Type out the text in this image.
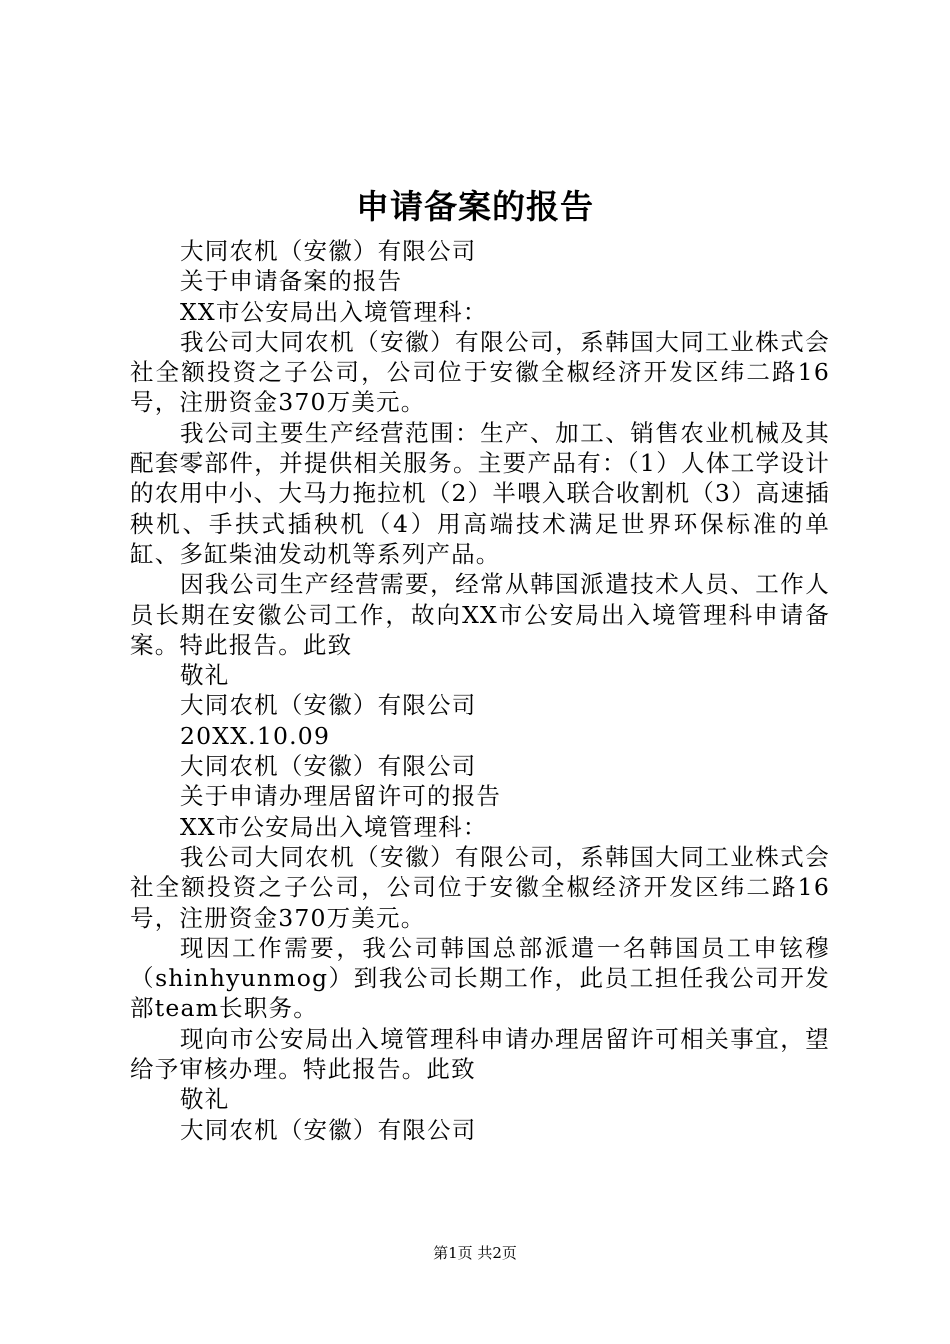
申请备案的报告

大同农机（安徽）有限公司

关于申请备案的报告

XX市公安局出入境管理科：

我公司大同农机（安徽）有限公司，系韩国大同工业株式会社全额投资之子公司，公司位于安徽全椒经济开发区纬二路16号，注册资金370万美元。

我公司主要生产经营范围：生产、加工、销售农业机械及其配套零部件，并提供相关服务。主要产品有：（1）人体工学设计的农用中小、大马力拖拉机（2）半喂入联合收割机（3）高速插秧机、手扶式插秧机（4）用高端技术满足世界环保标准的单缸、多缸柴油发动机等系列产品。

因我公司生产经营需要，经常从韩国派遣技术人员、工作人员长期在安徽公司工作，故向XX市公安局出入境管理科申请备案。特此报告。此致

敬礼

大同农机（安徽）有限公司

20XX.10.09

大同农机（安徽）有限公司

关于申请办理居留许可的报告

XX市公安局出入境管理科：

我公司大同农机（安徽）有限公司，系韩国大同工业株式会社全额投资之子公司，公司位于安徽全椒经济开发区纬二路16号，注册资金370万美元。

现因工作需要，我公司韩国总部派遣一名韩国员工申铉穆（shinhyunmog）到我公司长期工作，此员工担任我公司开发部team长职务。

现向市公安局出入境管理科申请办理居留许可相关事宜，望给予审核办理。特此报告。此致

敬礼

大同农机（安徽）有限公司

第1页 共2页
